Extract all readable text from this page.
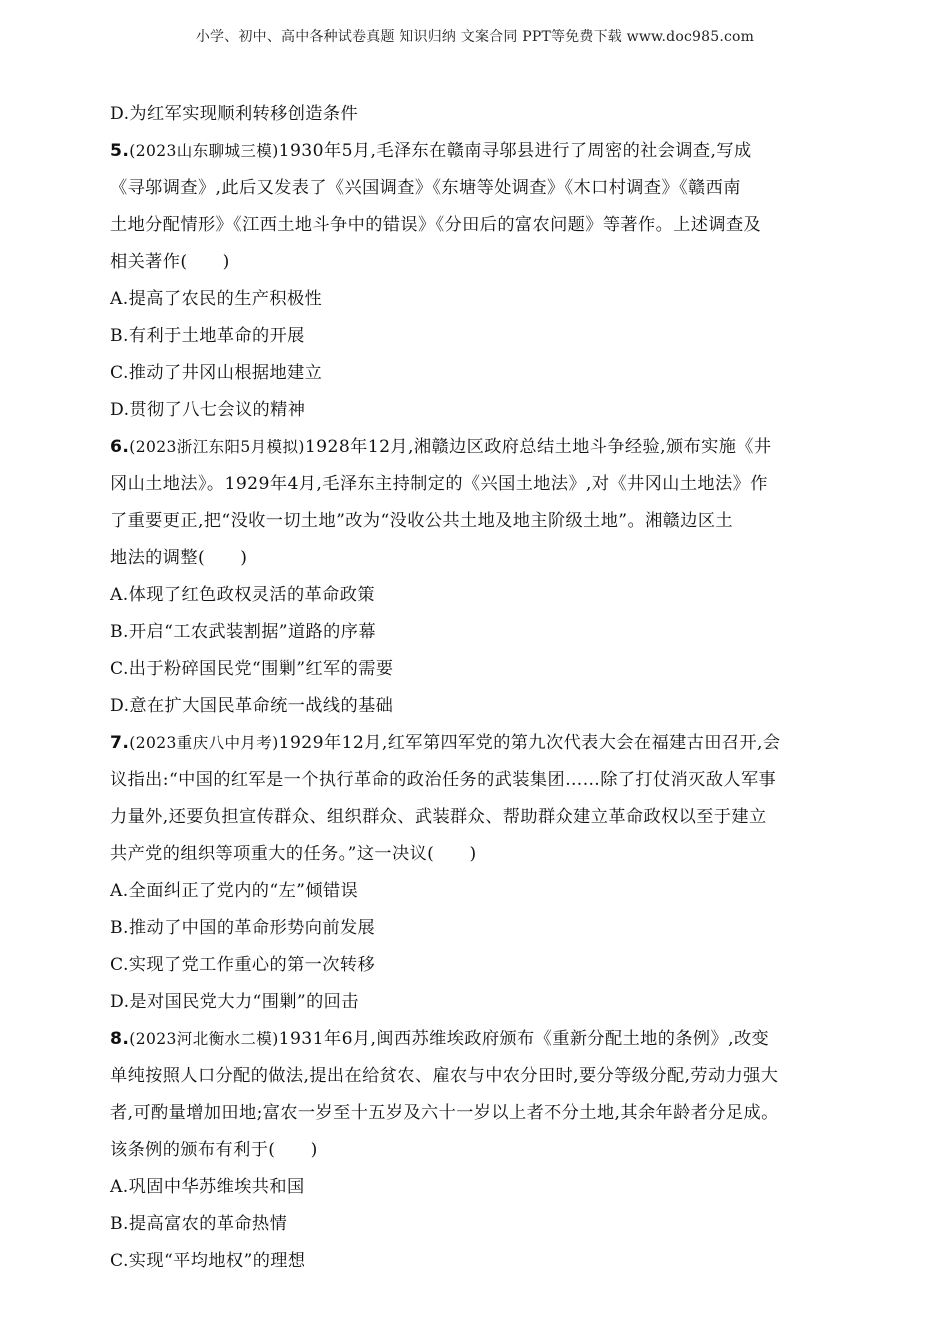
小学、初中、高中各种试卷真题 知识归纳 文案合同 PPT等免费下载 www.doc985.com
D.为红军实现顺利转移创造条件
5.(2023山东聊城三模)1930年5月,毛泽东在赣南寻邬县进行了周密的社会调查,写成
《寻邬调查》,此后又发表了《兴国调查》《东塘等处调查》《木口村调查》《赣西南
土地分配情形》《江西土地斗争中的错误》《分田后的富农问题》等著作。上述调查及
相关著作(　　)
A.提高了农民的生产积极性
B.有利于土地革命的开展
C.推动了井冈山根据地建立
D.贯彻了八七会议的精神
6.(2023浙江东阳5月模拟)1928年12月,湘赣边区政府总结土地斗争经验,颁布实施《井
冈山土地法》。1929年4月,毛泽东主持制定的《兴国土地法》,对《井冈山土地法》作
了重要更正,把“没收一切土地”改为“没收公共土地及地主阶级土地”。湘赣边区土
地法的调整(　　)
A.体现了红色政权灵活的革命政策
B.开启“工农武装割据”道路的序幕
C.出于粉碎国民党“围剿”红军的需要
D.意在扩大国民革命统一战线的基础
7.(2023重庆八中月考)1929年12月,红军第四军党的第九次代表大会在福建古田召开,会
议指出:“中国的红军是一个执行革命的政治任务的武装集团……除了打仗消灭敌人军事
力量外,还要负担宣传群众、组织群众、武装群众、帮助群众建立革命政权以至于建立
共产党的组织等项重大的任务。”这一决议(　　)
A.全面纠正了党内的“左”倾错误
B.推动了中国的革命形势向前发展
C.实现了党工作重心的第一次转移
D.是对国民党大力“围剿”的回击
8.(2023河北衡水二模)1931年6月,闽西苏维埃政府颁布《重新分配土地的条例》,改变
单纯按照人口分配的做法,提出在给贫农、雇农与中农分田时,要分等级分配,劳动力强大
者,可酌量增加田地;富农一岁至十五岁及六十一岁以上者不分土地,其余年龄者分足成。
该条例的颁布有利于(　　)
A.巩固中华苏维埃共和国
B.提高富农的革命热情
C.实现“平均地权”的理想
